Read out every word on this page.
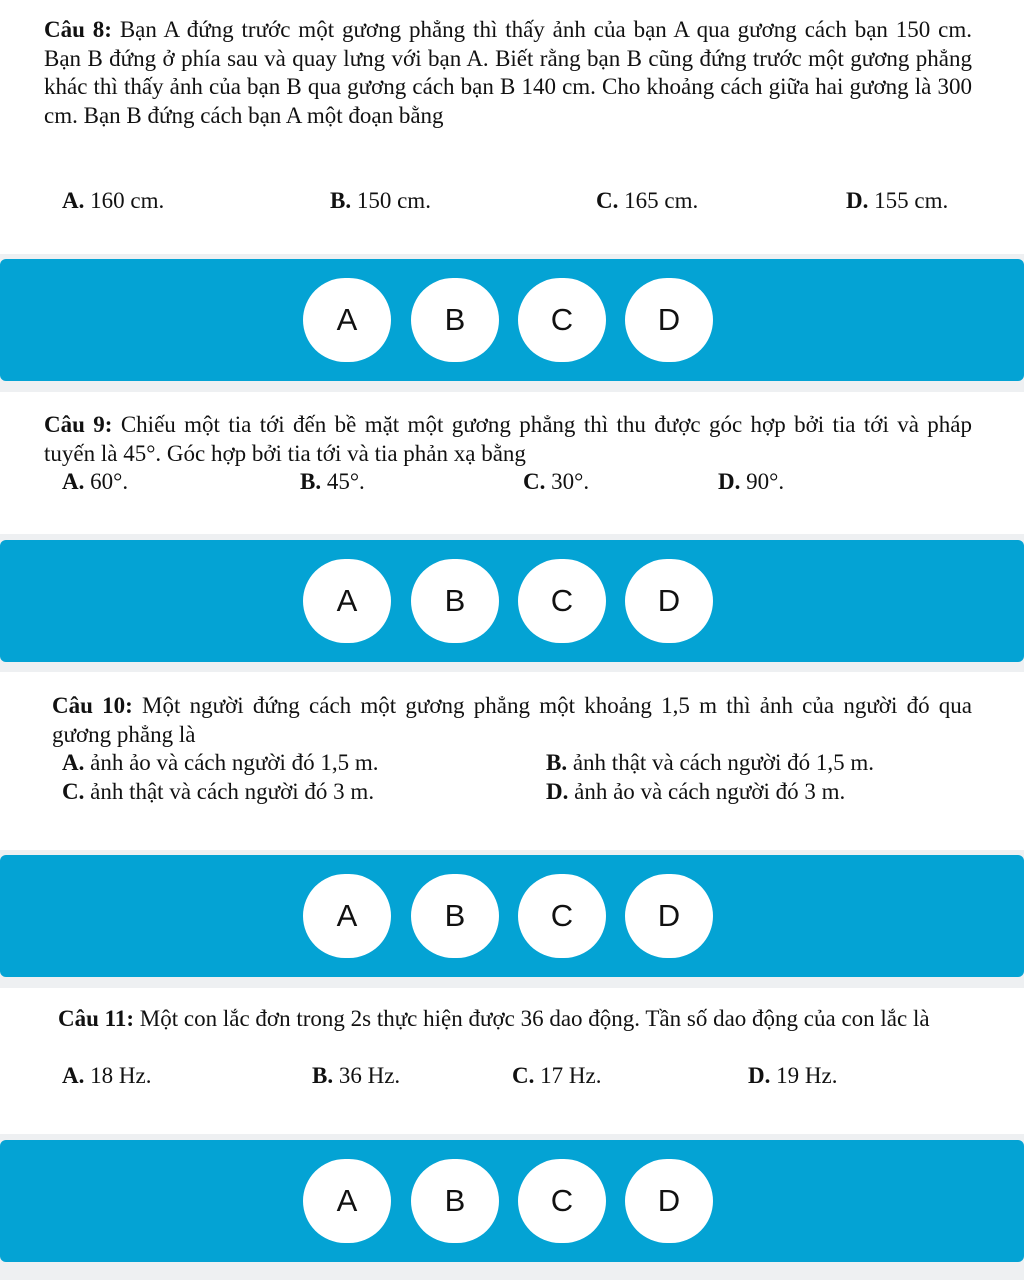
Câu 8: Bạn A đứng trước một gương phẳng thì thấy ảnh của bạn A qua gương cách bạn 150 cm. Bạn B đứng ở phía sau và quay lưng với bạn A. Biết rằng bạn B cũng đứng trước một gương phẳng khác thì thấy ảnh của bạn B qua gương cách bạn B 140 cm. Cho khoảng cách giữa hai gương là 300 cm. Bạn B đứng cách bạn A một đoạn bằng
A. 160 cm.	B. 150 cm.	C. 165 cm.	D. 155 cm.
A	B	C	D
Câu 9: Chiếu một tia tới đến bề mặt một gương phẳng thì thu được góc hợp bởi tia tới và pháp tuyến là 45°. Góc hợp bởi tia tới và tia phản xạ bằng
A. 60°.	B. 45°.	C. 30°.	D. 90°.
A	B	C	D
Câu 10: Một người đứng cách một gương phẳng một khoảng 1,5 m thì ảnh của người đó qua gương phẳng là
A. ảnh ảo và cách người đó 1,5 m.	B. ảnh thật và cách người đó 1,5 m.
C. ảnh thật và cách người đó 3 m.	D. ảnh ảo và cách người đó 3 m.
A	B	C	D
Câu 11: Một con lắc đơn trong 2s thực hiện được 36 dao động. Tần số dao động của con lắc là
A. 18 Hz.	B. 36 Hz.	C. 17 Hz.	D. 19 Hz.
A	B	C	D
